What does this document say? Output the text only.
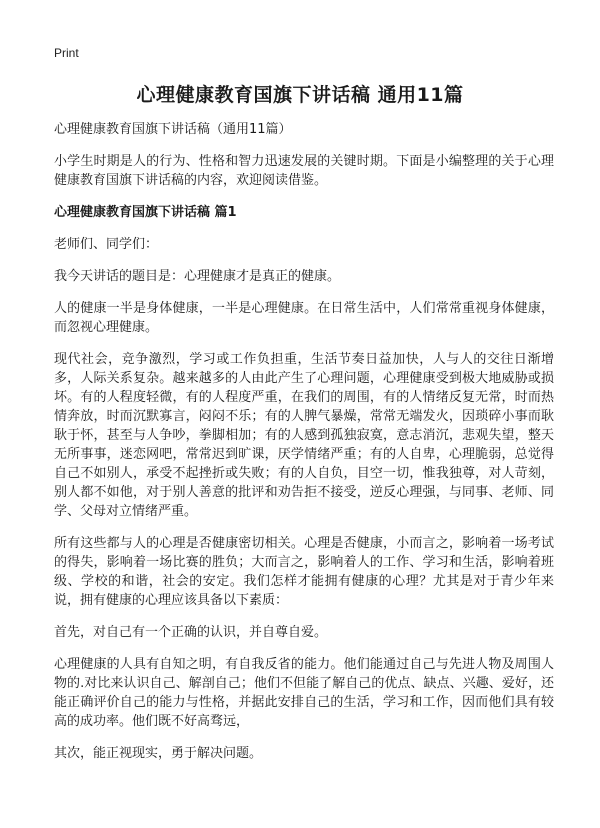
Print
心理健康教育国旗下讲话稿 通用11篇

心理健康教育国旗下讲话稿（通用11篇）

小学生时期是人的行为、性格和智力迅速发展的关键时期。下面是小编整理的关于心理健康教育国旗下讲话稿的内容，欢迎阅读借鉴。

心理健康教育国旗下讲话稿 篇1

老师们、同学们：

我今天讲话的题目是：心理健康才是真正的健康。

人的健康一半是身体健康，一半是心理健康。在日常生活中，人们常常重视身体健康，而忽视心理健康。

现代社会，竞争激烈，学习或工作负担重，生活节奏日益加快，人与人的交往日渐增多，人际关系复杂。越来越多的人由此产生了心理问题，心理健康受到极大地威胁或损坏。有的人程度轻微，有的人程度严重，在我们的周围，有的人情绪反复无常，时而热情奔放，时而沉默寡言，闷闷不乐；有的人脾气暴燥，常常无端发火，因琐碎小事而耿耿于怀，甚至与人争吵，拳脚相加；有的人感到孤独寂寞，意志消沉，悲观失望，整天无所事事，迷恋网吧，常常迟到旷课，厌学情绪严重；有的人自卑，心理脆弱，总觉得自己不如别人，承受不起挫折或失败；有的人自负，目空一切，惟我独尊，对人苛刻，别人都不如他，对于别人善意的批评和劝告拒不接受，逆反心理强，与同事、老师、同学、父母对立情绪严重。

所有这些都与人的心理是否健康密切相关。心理是否健康，小而言之，影响着一场考试的得失，影响着一场比赛的胜负；大而言之，影响着人的工作、学习和生活，影响着班级、学校的和谐，社会的安定。我们怎样才能拥有健康的心理？尤其是对于青少年来说，拥有健康的心理应该具备以下素质：

首先，对自己有一个正确的认识，并自尊自爱。

心理健康的人具有自知之明，有自我反省的能力。他们能通过自己与先进人物及周围人物的.对比来认识自己、解剖自己；他们不但能了解自己的优点、缺点、兴趣、爱好，还能正确评价自己的能力与性格，并据此安排自己的生活，学习和工作，因而他们具有较高的成功率。他们既不好高骛远，

其次，能正视现实，勇于解决问题。
